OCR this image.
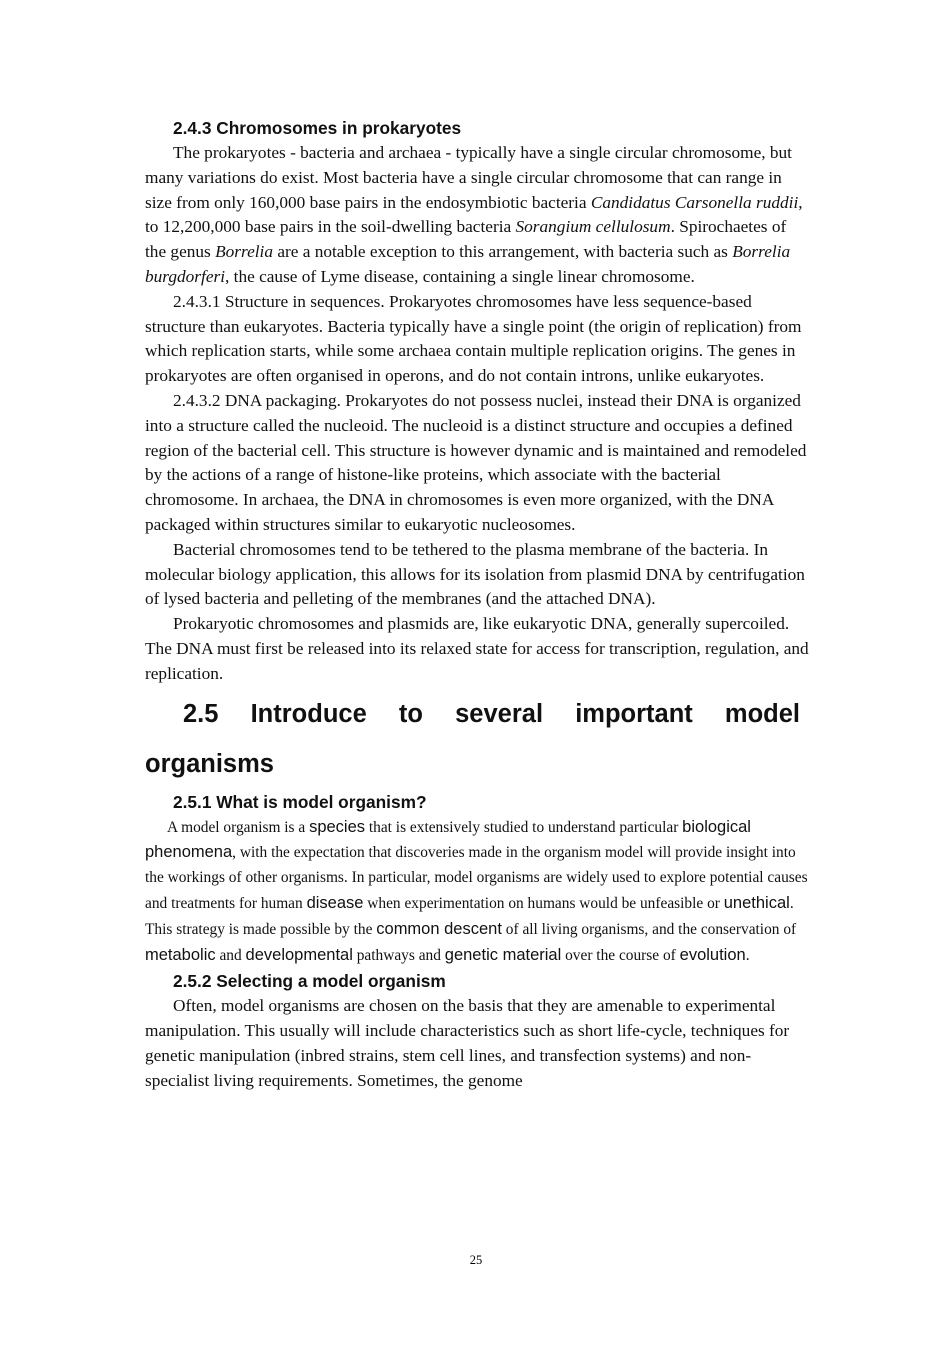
2.4.3 Chromosomes in prokaryotes

The prokaryotes - bacteria and archaea - typically have a single circular chromosome, but many variations do exist. Most bacteria have a single circular chromosome that can range in size from only 160,000 base pairs in the endosymbiotic bacteria Candidatus Carsonella ruddii, to 12,200,000 base pairs in the soil-dwelling bacteria Sorangium cellulosum. Spirochaetes of the genus Borrelia are a notable exception to this arrangement, with bacteria such as Borrelia burgdorferi, the cause of Lyme disease, containing a single linear chromosome.

2.4.3.1 Structure in sequences. Prokaryotes chromosomes have less sequence-based structure than eukaryotes. Bacteria typically have a single point (the origin of replication) from which replication starts, while some archaea contain multiple replication origins. The genes in prokaryotes are often organised in operons, and do not contain introns, unlike eukaryotes.

2.4.3.2 DNA packaging. Prokaryotes do not possess nuclei, instead their DNA is organized into a structure called the nucleoid. The nucleoid is a distinct structure and occupies a defined region of the bacterial cell. This structure is however dynamic and is maintained and remodeled by the actions of a range of histone-like proteins, which associate with the bacterial chromosome. In archaea, the DNA in chromosomes is even more organized, with the DNA packaged within structures similar to eukaryotic nucleosomes.

Bacterial chromosomes tend to be tethered to the plasma membrane of the bacteria. In molecular biology application, this allows for its isolation from plasmid DNA by centrifugation of lysed bacteria and pelleting of the membranes (and the attached DNA).

Prokaryotic chromosomes and plasmids are, like eukaryotic DNA, generally supercoiled. The DNA must first be released into its relaxed state for access for transcription, regulation, and replication.

2.5 Introduce to several important model
organisms
2.5.1 What is model organism?

A model organism is a species that is extensively studied to understand particular biological phenomena, with the expectation that discoveries made in the organism model will provide insight into the workings of other organisms. In particular, model organisms are widely used to explore potential causes and treatments for human disease when experimentation on humans would be unfeasible or unethical. This strategy is made possible by the common descent of all living organisms, and the conservation of metabolic and developmental pathways and genetic material over the course of evolution.

2.5.2 Selecting a model organism

Often, model organisms are chosen on the basis that they are amenable to experimental manipulation. This usually will include characteristics such as short life-cycle, techniques for genetic manipulation (inbred strains, stem cell lines, and transfection systems) and non-specialist living requirements. Sometimes, the genome

25
